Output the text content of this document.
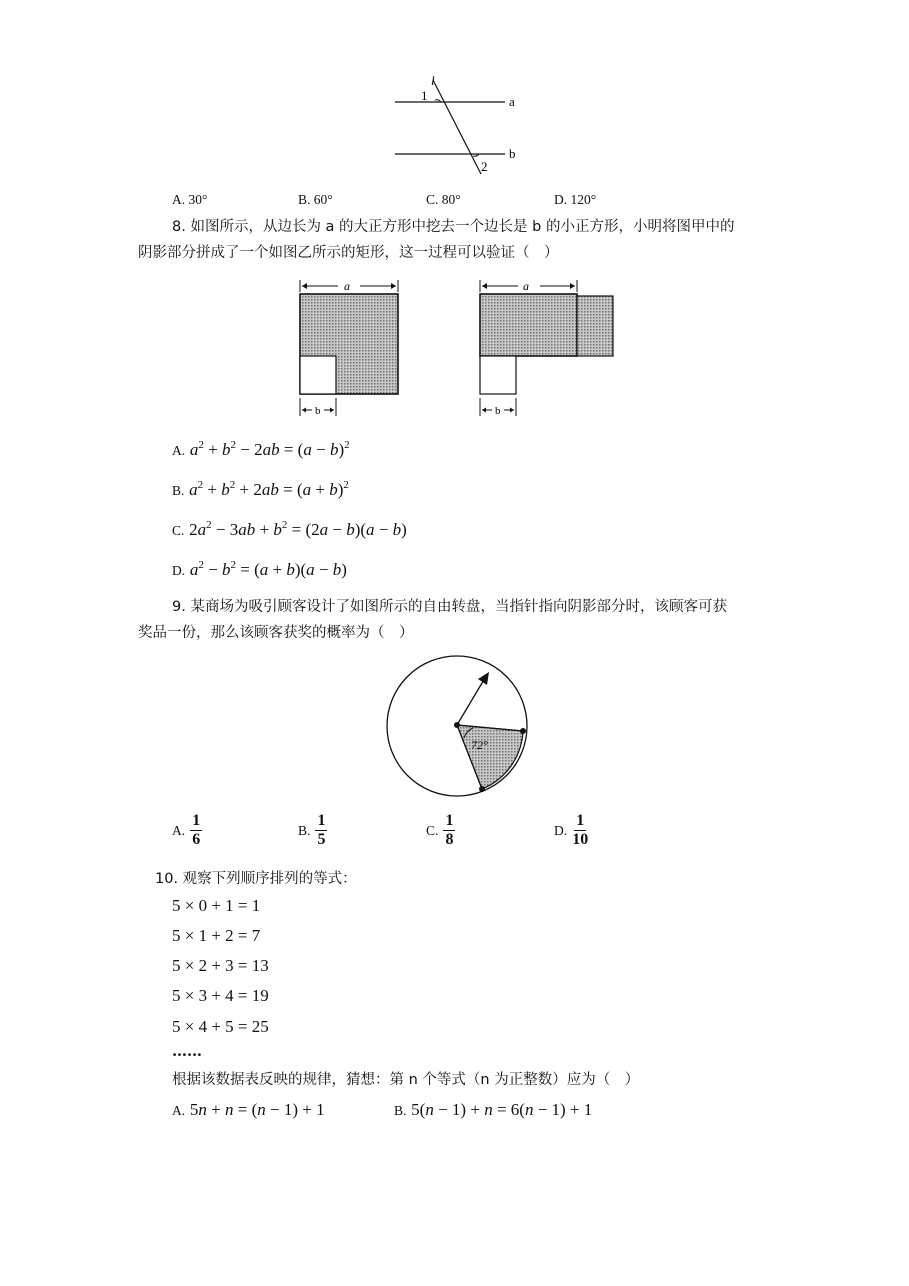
l
1	a
b
2
A. 30°	B. 60°	C. 80°	D. 120°
8. 如图所示，从边长为 a 的大正方形中挖去一个边长是 b 的小正方形，小明将图甲中的
阴影部分拼成了一个如图乙所示的矩形，这一过程可以验证（　）
a
b
a
b
A. $a^2 + b^2 - 2ab = (a - b)^2$
B. $a^2 + b^2 + 2ab = (a + b)^2$
C. $2a^2 - 3ab + b^2 = (2a - b)(a - b)$
D. $a^2 - b^2 = (a + b)(a - b)$
9. 某商场为吸引顾客设计了如图所示的自由转盘，当指针指向阴影部分时，该顾客可获
奖品一份，那么该顾客获奖的概率为（　）
72°
A. $\frac{1}{6}$	B. $\frac{1}{5}$	C. $\frac{1}{8}$	D. $\frac{1}{10}$
10. 观察下列顺序排列的等式：
5 × 0 + 1 = 1
5 × 1 + 2 = 7
5 × 2 + 3 = 13
5 × 3 + 4 = 19
5 × 4 + 5 = 25
……
根据该数据表反映的规律，猜想：第 n 个等式（n 为正整数）应为（　）
A. 5n + n = (n − 1) + 1	B. 5(n − 1) + n = 6(n − 1) + 1
